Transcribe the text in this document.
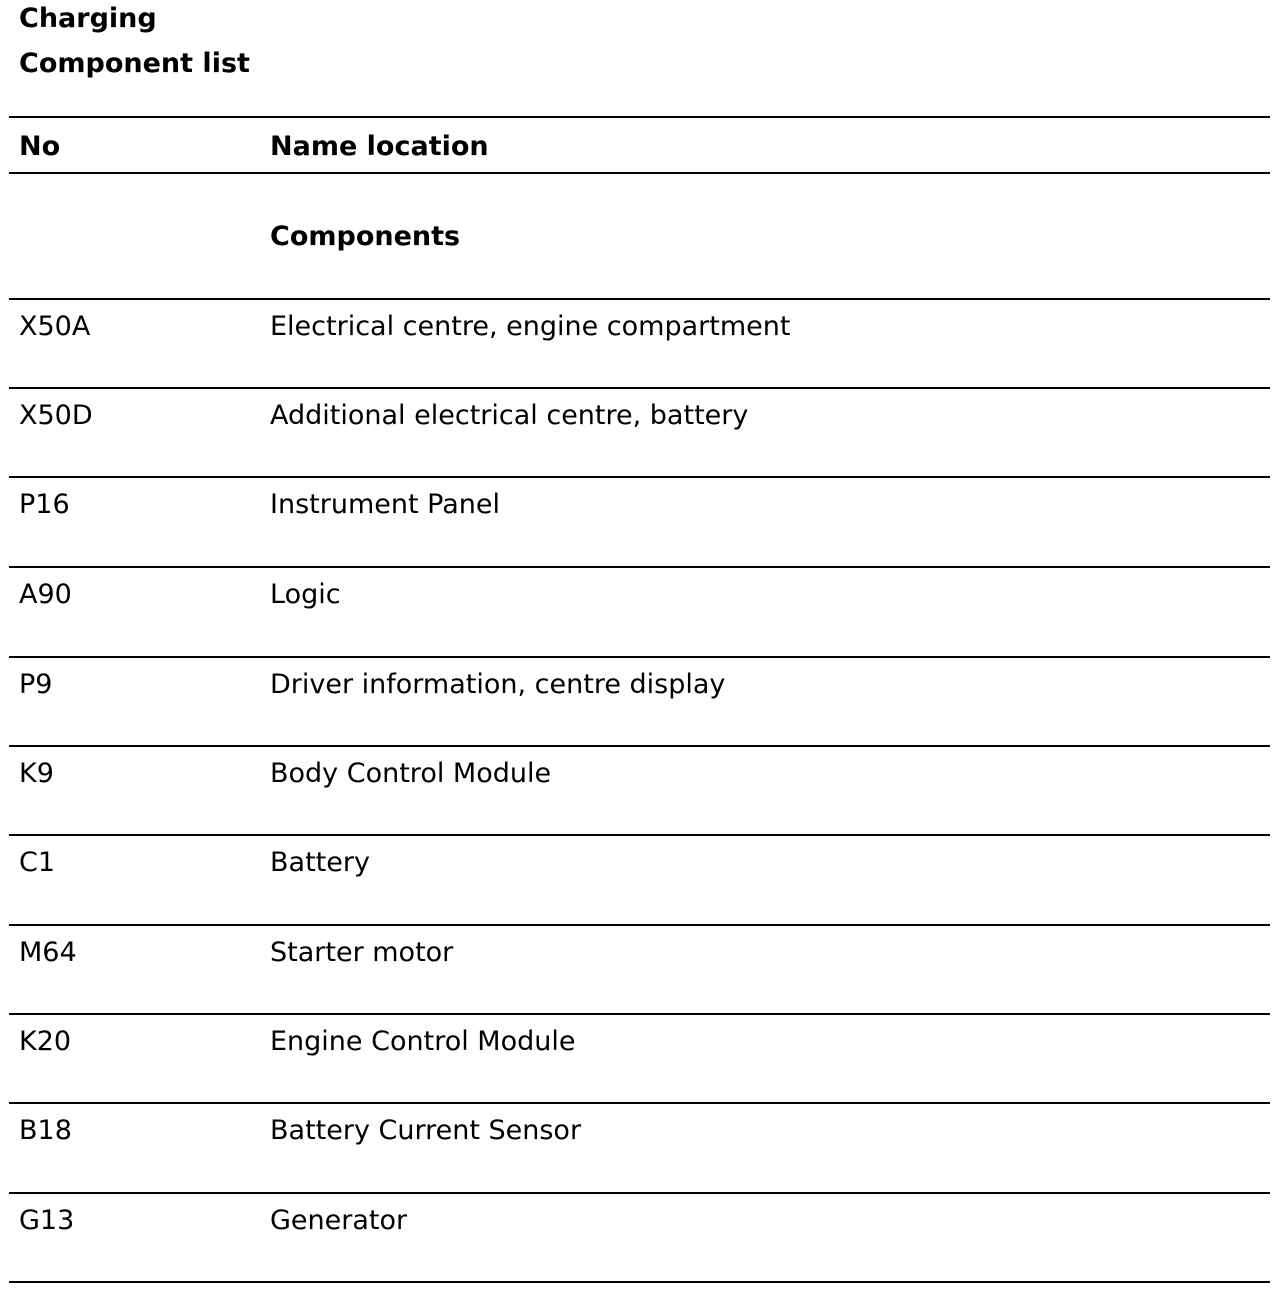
Charging
Component list
No	Name location
Components
X50A	Electrical centre, engine compartment
X50D	Additional electrical centre, battery
P16	Instrument Panel
A90	Logic
P9	Driver information, centre display
K9	Body Control Module
C1	Battery
M64	Starter motor
K20	Engine Control Module
B18	Battery Current Sensor
G13	Generator
